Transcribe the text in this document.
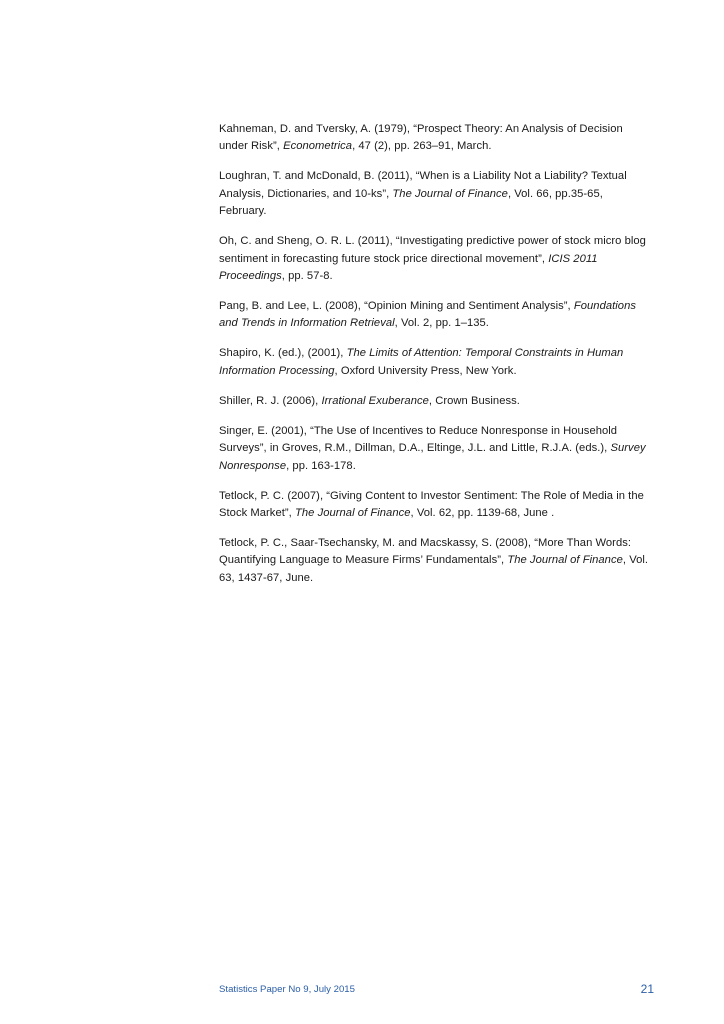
Kahneman, D. and Tversky, A. (1979), “Prospect Theory: An Analysis of Decision under Risk”, Econometrica, 47 (2), pp. 263–91, March.

Loughran, T. and McDonald, B. (2011), “When is a Liability Not a Liability? Textual Analysis, Dictionaries, and 10-ks”, The Journal of Finance, Vol. 66, pp.35-65, February.

Oh, C. and Sheng, O. R. L. (2011), “Investigating predictive power of stock micro blog sentiment in forecasting future stock price directional movement”, ICIS 2011 Proceedings, pp. 57-8.

Pang, B. and Lee, L. (2008), “Opinion Mining and Sentiment Analysis”, Foundations and Trends in Information Retrieval, Vol. 2, pp. 1–135.

Shapiro, K. (ed.), (2001), The Limits of Attention: Temporal Constraints in Human Information Processing, Oxford University Press, New York.

Shiller, R. J. (2006), Irrational Exuberance, Crown Business.

Singer, E. (2001), “The Use of Incentives to Reduce Nonresponse in Household Surveys”, in Groves, R.M., Dillman, D.A., Eltinge, J.L. and Little, R.J.A. (eds.), Survey Nonresponse, pp. 163-178.

Tetlock, P. C. (2007), “Giving Content to Investor Sentiment: The Role of Media in the Stock Market”, The Journal of Finance, Vol. 62, pp. 1139-68, June .

Tetlock, P. C., Saar-Tsechansky, M. and Macskassy, S. (2008), “More Than Words: Quantifying Language to Measure Firms’ Fundamentals”, The Journal of Finance, Vol. 63, 1437-67, June.

Statistics Paper No 9, July 2015	21
